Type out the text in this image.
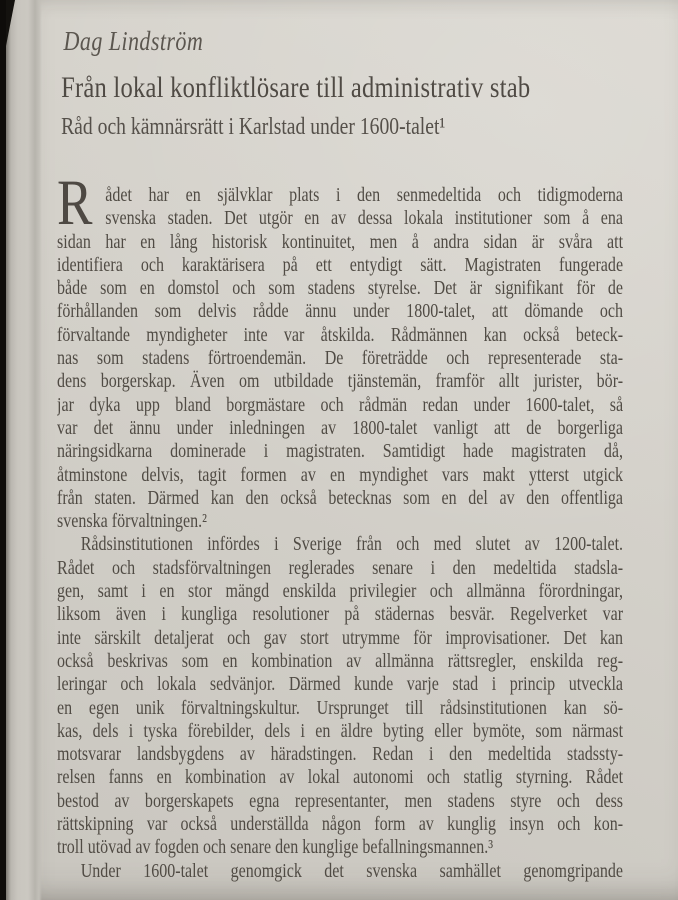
Dag Lindström
Från lokal konfliktlösare till administrativ stab
Råd och kämnärsrätt i Karlstad under 1600-talet¹
R ådet har en självklar plats i den senmedeltida och tidigmoderna
svenska staden. Det utgör en av dessa lokala institutioner som å ena
sidan har en lång historisk kontinuitet, men å andra sidan är svåra att
identifiera och karaktärisera på ett entydigt sätt. Magistraten fungerade
både som en domstol och som stadens styrelse. Det är signifikant för de
förhållanden som delvis rådde ännu under 1800-talet, att dömande och
förvaltande myndigheter inte var åtskilda. Rådmännen kan också beteck-
nas som stadens förtroendemän. De företrädde och representerade sta-
dens borgerskap. Även om utbildade tjänstemän, framför allt jurister, bör-
jar dyka upp bland borgmästare och rådmän redan under 1600-talet, så
var det ännu under inledningen av 1800-talet vanligt att de borgerliga
näringsidkarna dominerade i magistraten. Samtidigt hade magistraten då,
åtminstone delvis, tagit formen av en myndighet vars makt ytterst utgick
från staten. Därmed kan den också betecknas som en del av den offentliga
svenska förvaltningen.²
Rådsinstitutionen infördes i Sverige från och med slutet av 1200-talet.
Rådet och stadsförvaltningen reglerades senare i den medeltida stadsla-
gen, samt i en stor mängd enskilda privilegier och allmänna förordningar,
liksom även i kungliga resolutioner på städernas besvär. Regelverket var
inte särskilt detaljerat och gav stort utrymme för improvisationer. Det kan
också beskrivas som en kombination av allmänna rättsregler, enskilda reg-
leringar och lokala sedvänjor. Därmed kunde varje stad i princip utveckla
en egen unik förvaltningskultur. Ursprunget till rådsinstitutionen kan sö-
kas, dels i tyska förebilder, dels i en äldre byting eller bymöte, som närmast
motsvarar landsbygdens av häradstingen. Redan i den medeltida stadssty-
relsen fanns en kombination av lokal autonomi och statlig styrning. Rådet
bestod av borgerskapets egna representanter, men stadens styre och dess
rättskipning var också underställda någon form av kunglig insyn och kon-
troll utövad av fogden och senare den kunglige befallningsmannen.³
Under 1600-talet genomgick det svenska samhället genomgripande
